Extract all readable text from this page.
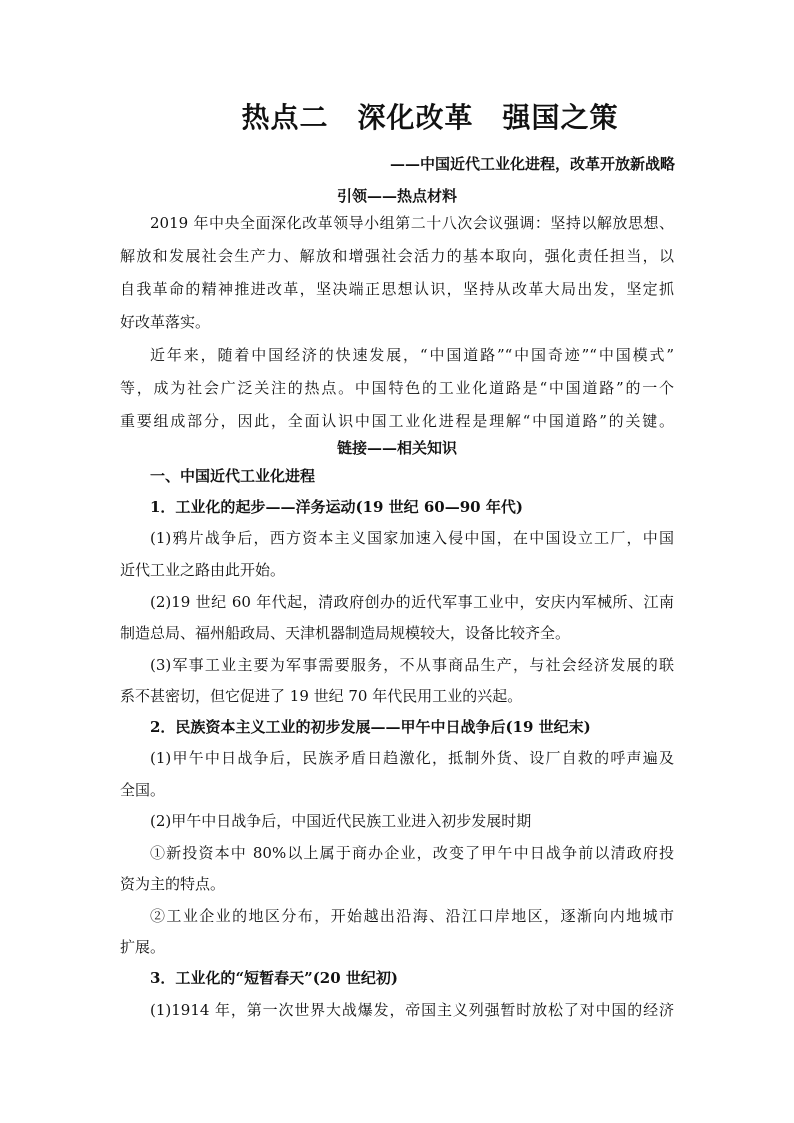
热点二　深化改革　强国之策
——中国近代工业化进程，改革开放新战略
引领——热点材料
2019 年中央全面深化改革领导小组第二十八次会议强调：坚持以解放思想、
解放和发展社会生产力、解放和增强社会活力的基本取向，强化责任担当，以
自我革命的精神推进改革，坚决端正思想认识，坚持从改革大局出发，坚定抓
好改革落实。
近年来，随着中国经济的快速发展，“中国道路”“中国奇迹”“中国模式”
等，成为社会广泛关注的热点。中国特色的工业化道路是“中国道路”的一个
重要组成部分，因此，全面认识中国工业化进程是理解“中国道路”的关键。
链接——相关知识
一、中国近代工业化进程
1．工业化的起步——洋务运动(19 世纪 60—90 年代)
(1)鸦片战争后，西方资本主义国家加速入侵中国，在中国设立工厂，中国
近代工业之路由此开始。
(2)19 世纪 60 年代起，清政府创办的近代军事工业中，安庆内军械所、江南
制造总局、福州船政局、天津机器制造局规模较大，设备比较齐全。
(3)军事工业主要为军事需要服务，不从事商品生产，与社会经济发展的联
系不甚密切，但它促进了 19 世纪 70 年代民用工业的兴起。
2．民族资本主义工业的初步发展——甲午中日战争后(19 世纪末)
(1)甲午中日战争后，民族矛盾日趋激化，抵制外货、设厂自救的呼声遍及
全国。
(2)甲午中日战争后，中国近代民族工业进入初步发展时期
①新投资本中 80%以上属于商办企业，改变了甲午中日战争前以清政府投
资为主的特点。
②工业企业的地区分布，开始越出沿海、沿江口岸地区，逐渐向内地城市
扩展。
3．工业化的“短暂春天”(20 世纪初)
(1)1914 年，第一次世界大战爆发，帝国主义列强暂时放松了对中国的经济
